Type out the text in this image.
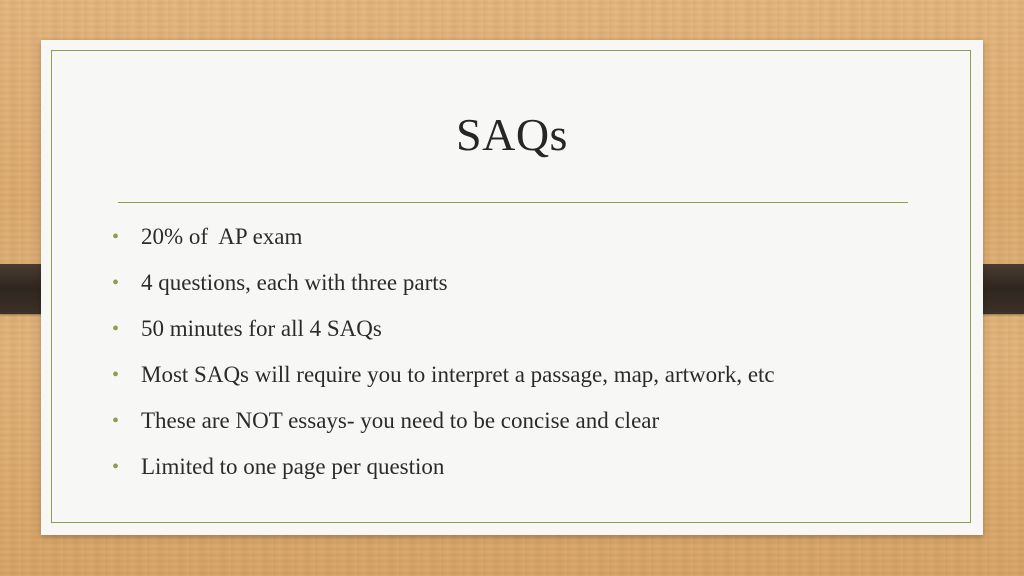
SAQs
• 20% of  AP exam
• 4 questions, each with three parts
• 50 minutes for all 4 SAQs
• Most SAQs will require you to interpret a passage, map, artwork, etc
• These are NOT essays- you need to be concise and clear
• Limited to one page per question
